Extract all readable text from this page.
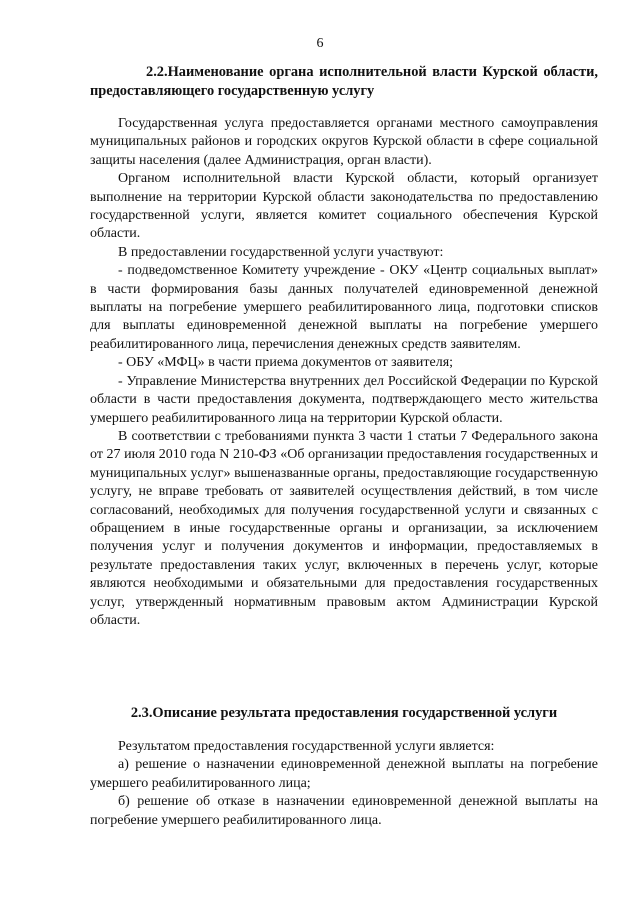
6
2.2.Наименование органа исполнительной власти Курской области, предоставляющего государственную услугу

Государственная услуга предоставляется органами местного самоуправления муниципальных районов и городских округов Курской области в сфере социальной защиты населения (далее Администрация, орган власти).

Органом исполнительной власти Курской области, который организует выполнение на территории Курской области законодательства по предоставлению государственной услуги, является комитет социального обеспечения Курской области.

В предоставлении государственной услуги участвуют:

- подведомственное Комитету учреждение - ОКУ «Центр социальных выплат» в части формирования базы данных получателей единовременной денежной выплаты на погребение умершего реабилитированного лица, подготовки списков для выплаты единовременной денежной выплаты на погребение умершего реабилитированного лица, перечисления денежных средств заявителям.

- ОБУ «МФЦ» в части приема документов от заявителя;

- Управление Министерства внутренних дел Российской Федерации по Курской области в части предоставления документа, подтверждающего место жительства умершего реабилитированного лица на территории Курской области.

В соответствии с требованиями пункта 3 части 1 статьи 7 Федерального закона от 27 июля 2010 года N 210-ФЗ «Об организации предоставления государственных и муниципальных услуг» вышеназванные органы, предоставляющие государственную услугу, не вправе требовать от заявителей осуществления действий, в том числе согласований, необходимых для получения государственной услуги и связанных с обращением в иные государственные органы и организации, за исключением получения услуг и получения документов и информации, предоставляемых в результате предоставления таких услуг, включенных в перечень услуг, которые являются необходимыми и обязательными для предоставления государственных услуг, утвержденный нормативным правовым актом Администрации Курской области.

2.3.Описание результата предоставления государственной услуги

Результатом предоставления государственной услуги является:

а) решение о назначении единовременной денежной выплаты на погребение умершего реабилитированного лица;

б) решение об отказе в назначении единовременной денежной выплаты на погребение умершего реабилитированного лица.
